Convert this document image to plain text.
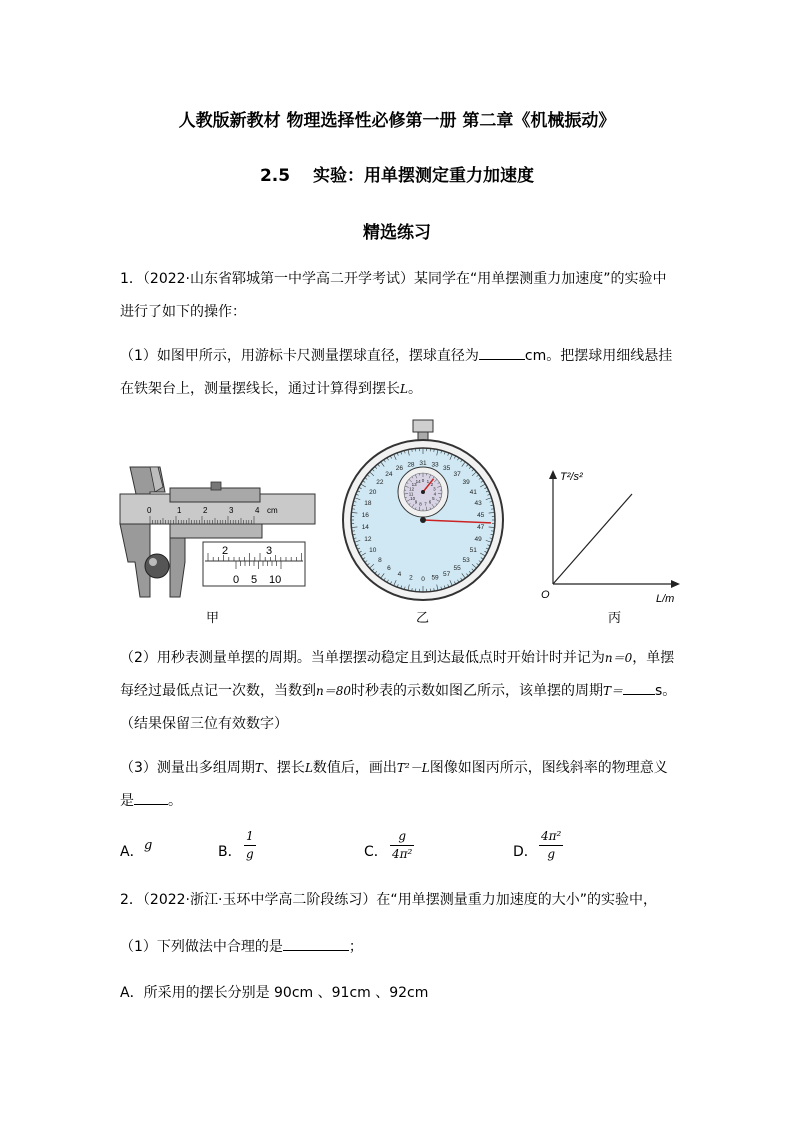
人教版新教材 物理选择性必修第一册 第二章《机械振动》
2.5　 实验：用单摆测定重力加速度
精选练习

1．（2022·山东省郓城第一中学高二开学考试）某同学在“用单摆测重力加速度”的实验中进行了如下的操作：

（1）如图甲所示，用游标卡尺测量摆球直径，摆球直径为	cm。把摆球用细线悬挂在铁架台上，测量摆线长，通过计算得到摆长L。

0	1	2	3	4 cm
2	3
0 5 10
甲
31 33
35
37
39
41
43
45
47
49
51
53
55
57
59
0
2
4
6
8
10
12
14
16
18
20
22
24
26
28
0
14
13
12
11
10
9 8 7 6
5
4
3
2
1
乙
T²/s²
L/m
O
丙

（2）用秒表测量单摆的周期。当单摆摆动稳定且到达最低点时开始计时并记为n＝0，单摆每经过最低点记一次数，当数到n＝80时秒表的示数如图乙所示，该单摆的周期T＝ s。
（结果保留三位有效数字）

（3）测量出多组周期T、摆长L数值后，画出T²－L图像如图丙所示，图线斜率的物理意义是 。

A． g	B．
1
g	C．
g
4π²	D．
4π²
g

2．（2022·浙江·玉环中学高二阶段练习）在“用单摆测量重力加速度的大小”的实验中，

（1）下列做法中合理的是	；

A．所采用的摆长分别是 90cm 、91cm 、92cm
